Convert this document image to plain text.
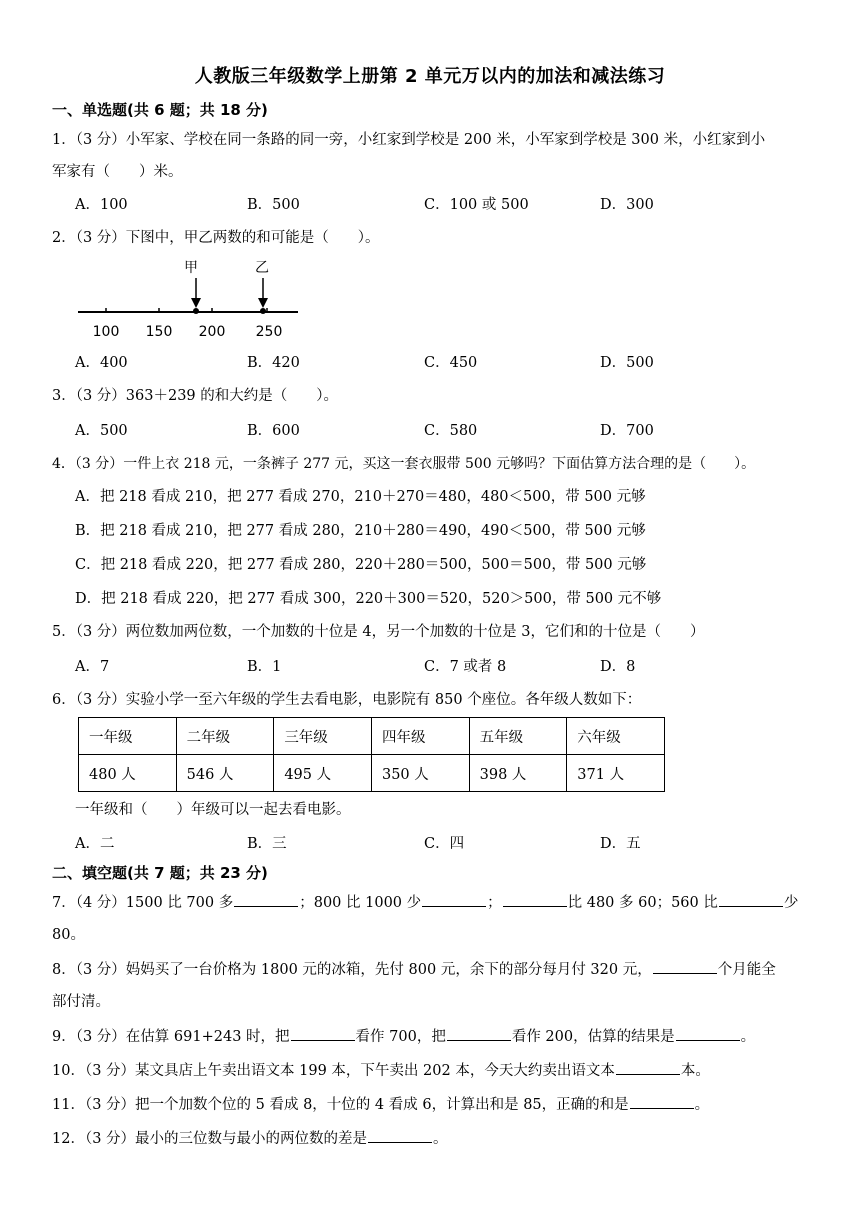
人教版三年级数学上册第 2 单元万以内的加法和减法练习
一、单选题(共 6 题；共 18 分)
1．（3 分）小军家、学校在同一条路的同一旁，小红家到学校是 200 米，小军家到学校是 300 米，小红家到小
军家有（　　）米。
A．100	B．500	C．100 或 500	D．300
2．（3 分）下图中，甲乙两数的和可能是（　　）。
甲	乙
100 150 200 250
A．400	B．420	C．450	D．500
3．（3 分）363＋239 的和大约是（　　）。
A．500	B．600	C．580	D．700
4．（3 分）一件上衣 218 元，一条裤子 277 元，买这一套衣服带 500 元够吗？下面估算方法合理的是（　　）。
A．把 218 看成 210，把 277 看成 270，210＋270＝480，480＜500，带 500 元够
B．把 218 看成 210，把 277 看成 280，210＋280＝490，490＜500，带 500 元够
C．把 218 看成 220，把 277 看成 280，220＋280＝500，500＝500，带 500 元够
D．把 218 看成 220，把 277 看成 300，220＋300＝520，520＞500，带 500 元不够
5．（3 分）两位数加两位数，一个加数的十位是 4，另一个加数的十位是 3，它们和的十位是（　　）
A．7	B．1	C．7 或者 8	D．8
6．（3 分）实验小学一至六年级的学生去看电影，电影院有 850 个座位。各年级人数如下：
一年级	二年级	三年级	四年级	五年级	六年级
480 人	546 人	495 人	350 人	398 人	371 人
一年级和（　　）年级可以一起去看电影。
A．二	B．三	C．四	D．五
二、填空题(共 7 题；共 23 分)
7．（4 分）1500 比 700 多	；800 比 1000 少	；	比 480 多 60；560 比	少
80。
8．（3 分）妈妈买了一台价格为 1800 元的冰箱，先付 800 元，余下的部分每月付 320 元，	个月能全
部付清。
9．（3 分）在估算 691+243 时，把	看作 700，把	看作 200，估算的结果是	。
10．（3 分）某文具店上午卖出语文本 199 本，下午卖出 202 本，今天大约卖出语文本	本。
11．（3 分）把一个加数个位的 5 看成 8，十位的 4 看成 6，计算出和是 85，正确的和是	。
12．（3 分）最小的三位数与最小的两位数的差是	。
